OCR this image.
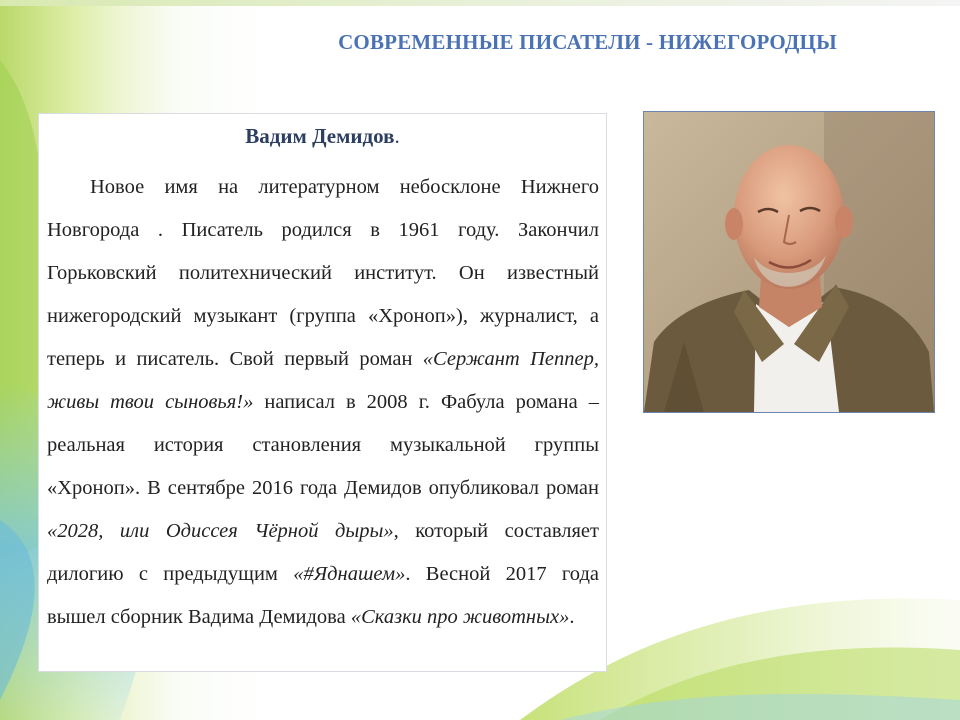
СОВРЕМЕННЫЕ ПИСАТЕЛИ - НИЖЕГОРОДЦЫ
Вадим Демидов.

Новое имя на литературном небосклоне Нижнего Новгорода . Писатель родился в 1961 году. Закончил Горьковский политехнический институт. Он известный нижегородский музыкант (группа «Хроноп»), журналист, а теперь и писатель. Свой первый роман «Сержант Пеппер, живы твои сыновья!» написал в 2008 г. Фабула романа – реальная история становления музыкальной группы «Хроноп». В сентябре 2016 года Демидов опубликовал роман «2028, или Одиссея Чёрной дыры», который составляет дилогию с предыдущим «#Яднашем». Весной 2017 года вышел сборник Вадима Демидова «Сказки про животных».
